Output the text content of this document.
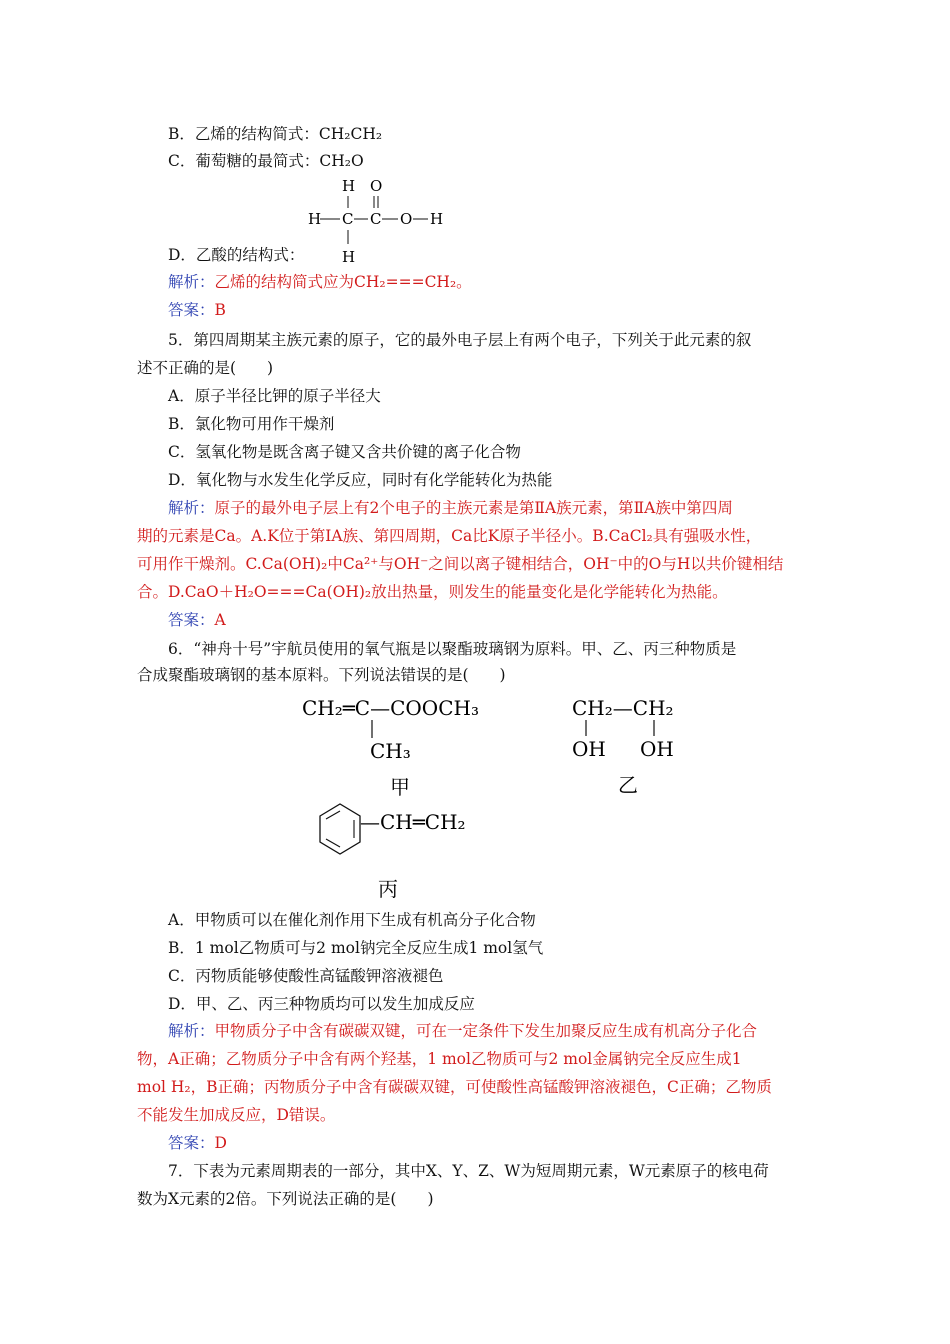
B．乙烯的结构简式：CH₂CH₂
C．葡萄糖的最简式：CH₂O
H O
H C C O H
H
D．乙酸的结构式：
解析：乙烯的结构简式应为CH₂===CH₂。
答案：B
5．第四周期某主族元素的原子，它的最外电子层上有两个电子，下列关于此元素的叙
述不正确的是(　　)
A．原子半径比钾的原子半径大
B．氯化物可用作干燥剂
C．氢氧化物是既含离子键又含共价键的离子化合物
D．氧化物与水发生化学反应，同时有化学能转化为热能
解析：原子的最外电子层上有2个电子的主族元素是第ⅡA族元素，第ⅡA族中第四周
期的元素是Ca。A.K位于第ⅠA族、第四周期，Ca比K原子半径小。B.CaCl₂具有强吸水性，
可用作干燥剂。C.Ca(OH)₂中Ca²⁺与OH⁻之间以离子键相结合，OH⁻中的O与H以共价键相结
合。D.CaO＋H₂O===Ca(OH)₂放出热量，则发生的能量变化是化学能转化为热能。
答案：A
6．“神舟十号”宇航员使用的氧气瓶是以聚酯玻璃钢为原料。甲、乙、丙三种物质是
合成聚酯玻璃钢的基本原料。下列说法错误的是(　　)
CH₂═C—COOCH₃
CH₃
甲
CH₂—CH₂
OH OH
乙
—CH═CH₂
丙
A．甲物质可以在催化剂作用下生成有机高分子化合物
B．1 mol乙物质可与2 mol钠完全反应生成1 mol氢气
C．丙物质能够使酸性高锰酸钾溶液褪色
D．甲、乙、丙三种物质均可以发生加成反应
解析：甲物质分子中含有碳碳双键，可在一定条件下发生加聚反应生成有机高分子化合
物，A正确；乙物质分子中含有两个羟基，1 mol乙物质可与2 mol金属钠完全反应生成1
mol H₂，B正确；丙物质分子中含有碳碳双键，可使酸性高锰酸钾溶液褪色，C正确；乙物质
不能发生加成反应，D错误。
答案：D
7．下表为元素周期表的一部分，其中X、Y、Z、W为短周期元素，W元素原子的核电荷
数为X元素的2倍。下列说法正确的是(　　)
